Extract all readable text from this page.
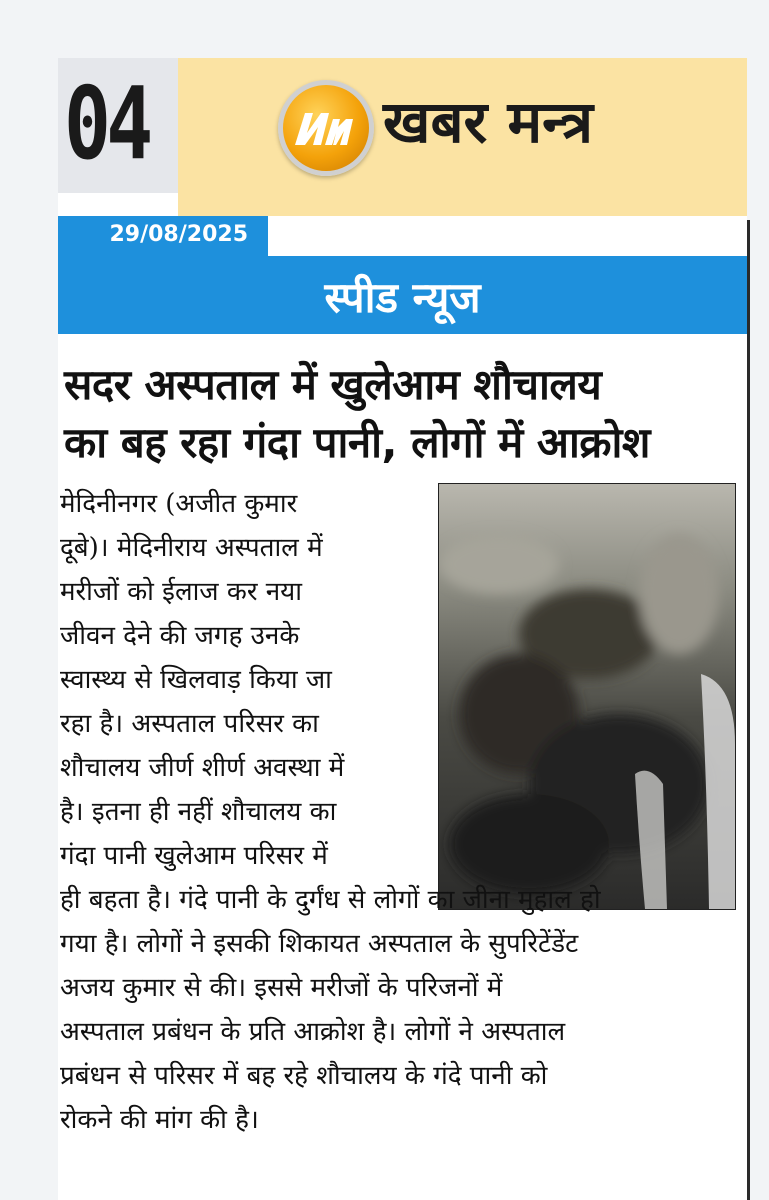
04	खबर मन्त्र
29/08/2025
स्पीड न्यूज
सदर अस्पताल में खुलेआम शौचालय
का बह रहा गंदा पानी, लोगों में आक्रोश
मेदिनीनगर (अजीत कुमार
दूबे)। मेदिनीराय अस्पताल में
मरीजों को ईलाज कर नया
जीवन देने की जगह उनके
स्वास्थ्य से खिलवाड़ किया जा
रहा है। अस्पताल परिसर का
शौचालय जीर्ण शीर्ण अवस्था में
है। इतना ही नहीं शौचालय का
गंदा पानी खुलेआम परिसर में
ही बहता है। गंदे पानी के दुर्गंध से लोगों का जीना मुहाल हो
गया है। लोगों ने इसकी शिकायत अस्पताल के सुपरिटेंडेंट
अजय कुमार से की। इससे मरीजों के परिजनों में
अस्पताल प्रबंधन के प्रति आक्रोश है। लोगों ने अस्पताल
प्रबंधन से परिसर में बह रहे शौचालय के गंदे पानी को
रोकने की मांग की है।
